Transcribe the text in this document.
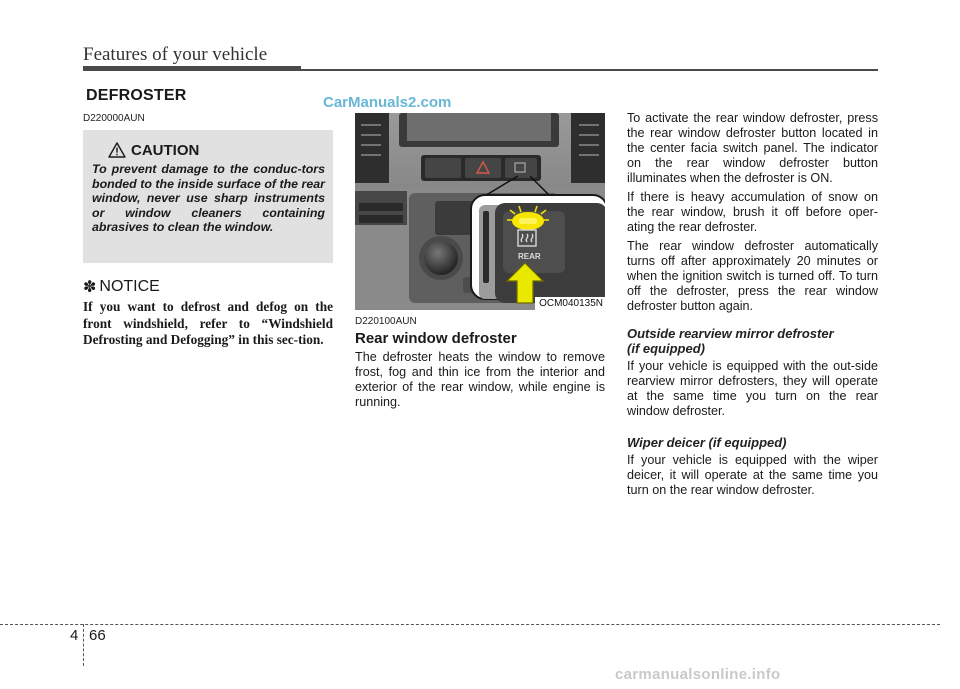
Features of your vehicle
DEFROSTER	CarManuals2.com
D220000AUN
CAUTION
To prevent damage to the conduc-tors bonded to the inside surface of the rear window, never use sharp instruments or window cleaners containing abrasives to clean the window.
✽ NOTICE
If you want to defrost and defog on the front windshield, refer to “Windshield Defrosting and Defogging” in this sec-tion.
REAR
OCM040135N
D220100AUN
Rear window defroster
The defroster heats the window to remove frost, fog and thin ice from the interior and exterior of the rear window, while engine is running.

To activate the rear window defroster, press the rear window defroster button located in the center facia switch panel. The indicator on the rear window defroster button illuminates when the defroster is ON.

If there is heavy accumulation of snow on the rear window, brush it off before oper-ating the rear defroster.

The rear window defroster automatically turns off after approximately 20 minutes or when the ignition switch is turned off. To turn off the defroster, press the rear window defroster button again.

Outside rearview mirror defroster
(if equipped)

If your vehicle is equipped with the out-side rearview mirror defrosters, they will operate at the same time you turn on the rear window defroster.

Wiper deicer (if equipped)

If your vehicle is equipped with the wiper deicer, it will operate at the same time you turn on the rear window defroster.

4 66
carmanualsonline.info
